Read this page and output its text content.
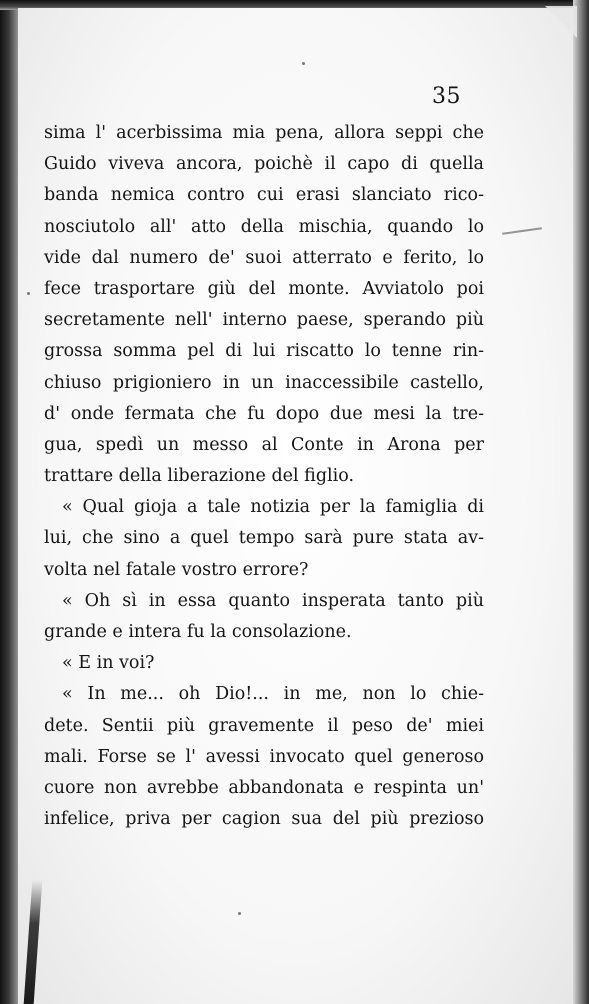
35
sima l' acerbissima mia pena, allora seppi che
Guido viveva ancora, poichè il capo di quella
banda nemica contro cui erasi slanciato rico-
nosciutolo all' atto della mischia, quando lo
vide dal numero de' suoi atterrato e ferito, lo
fece trasportare giù del monte. Avviatolo poi
secretamente nell' interno paese, sperando più
grossa somma pel di lui riscatto lo tenne rin-
chiuso prigioniero in un inaccessibile castello,
d' onde fermata che fu dopo due mesi la tre-
gua, spedì un messo al Conte in Arona per
trattare della liberazione del figlio.
« Qual gioja a tale notizia per la famiglia di
lui, che sino a quel tempo sarà pure stata av-
volta nel fatale vostro errore?
« Oh sì in essa quanto insperata tanto più
grande e intera fu la consolazione.
« E in voi?
« In me... oh Dio!... in me, non lo chie-
dete. Sentii più gravemente il peso de' miei
mali. Forse se l' avessi invocato quel generoso
cuore non avrebbe abbandonata e respinta un'
infelice, priva per cagion sua del più prezioso
